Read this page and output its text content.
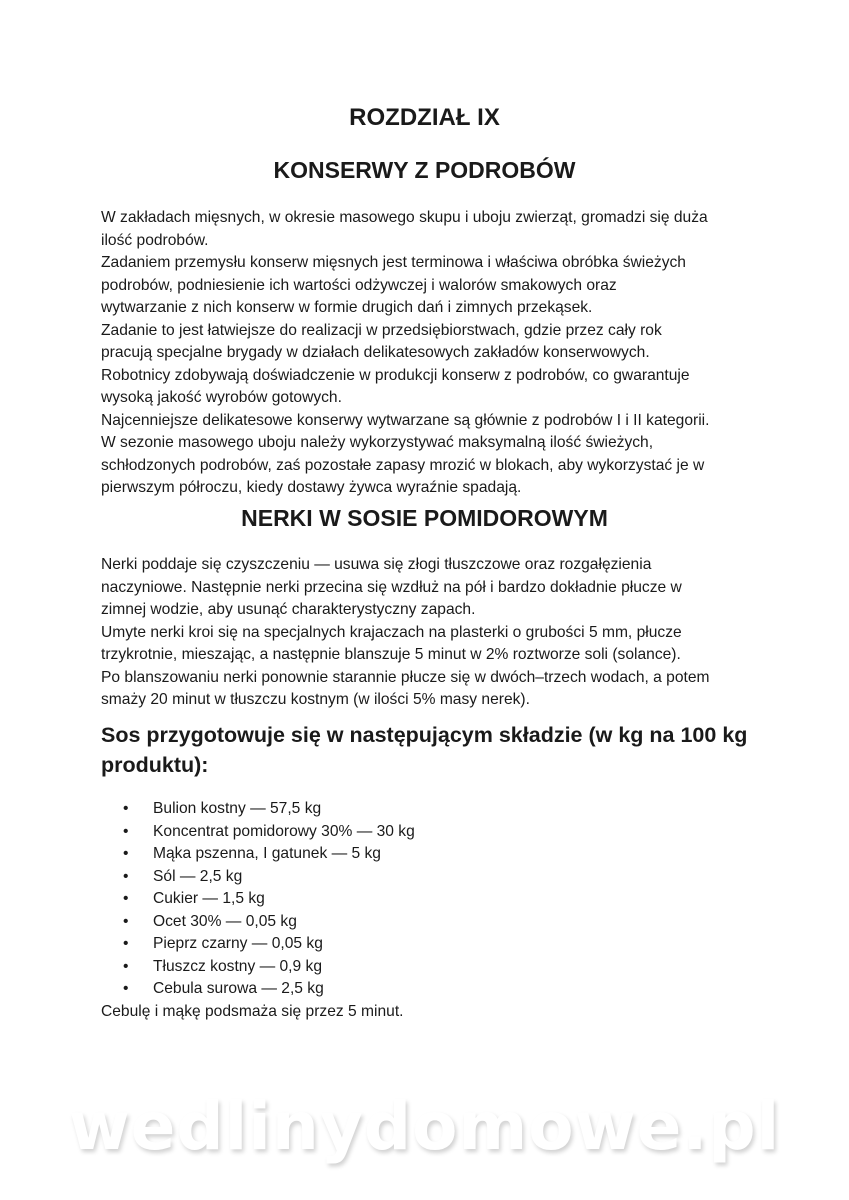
ROZDZIAŁ IX
KONSERWY Z PODROBÓW
W zakładach mięsnych, w okresie masowego skupu i uboju zwierząt, gromadzi się duża
ilość podrobów.
Zadaniem przemysłu konserw mięsnych jest terminowa i właściwa obróbka świeżych
podrobów, podniesienie ich wartości odżywczej i walorów smakowych oraz
wytwarzanie z nich konserw w formie drugich dań i zimnych przekąsek.
Zadanie to jest łatwiejsze do realizacji w przedsiębiorstwach, gdzie przez cały rok
pracują specjalne brygady w działach delikatesowych zakładów konserwowych.
Robotnicy zdobywają doświadczenie w produkcji konserw z podrobów, co gwarantuje
wysoką jakość wyrobów gotowych.
Najcenniejsze delikatesowe konserwy wytwarzane są głównie z podrobów I i II kategorii.
W sezonie masowego uboju należy wykorzystywać maksymalną ilość świeżych,
schłodzonych podrobów, zaś pozostałe zapasy mrozić w blokach, aby wykorzystać je w
pierwszym półroczu, kiedy dostawy żywca wyraźnie spadają.
NERKI W SOSIE POMIDOROWYM
Nerki poddaje się czyszczeniu — usuwa się złogi tłuszczowe oraz rozgałęzienia
naczyniowe. Następnie nerki przecina się wzdłuż na pół i bardzo dokładnie płucze w
zimnej wodzie, aby usunąć charakterystyczny zapach.
Umyte nerki kroi się na specjalnych krajaczach na plasterki o grubości 5 mm, płucze
trzykrotnie, mieszając, a następnie blanszuje 5 minut w 2% roztworze soli (solance).
Po blanszowaniu nerki ponownie starannie płucze się w dwóch–trzech wodach, a potem
smaży 20 minut w tłuszczu kostnym (w ilości 5% masy nerek).
Sos przygotowuje się w następującym składzie (w kg na 100 kg
produktu):
• Bulion kostny — 57,5 kg
• Koncentrat pomidorowy 30% — 30 kg
• Mąka pszenna, I gatunek — 5 kg
• Sól — 2,5 kg
• Cukier — 1,5 kg
• Ocet 30% — 0,05 kg
• Pieprz czarny — 0,05 kg
• Tłuszcz kostny — 0,9 kg
• Cebula surowa — 2,5 kg
Cebulę i mąkę podsmaża się przez 5 minut.
wedlinydomowe.pl
